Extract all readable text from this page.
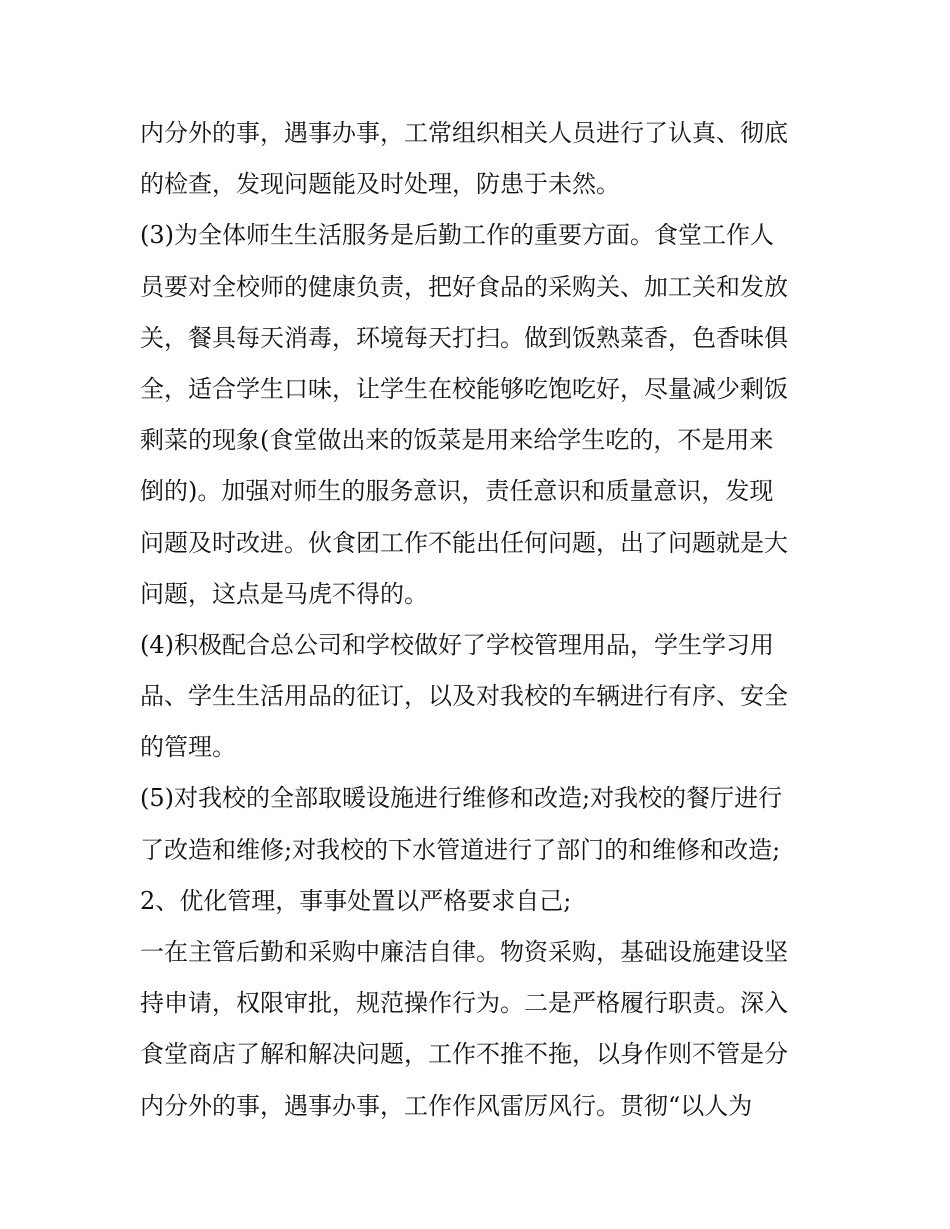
内分外的事，遇事办事，工常组织相关人员进行了认真、彻底
的检查，发现问题能及时处理，防患于未然。
(3)为全体师生生活服务是后勤工作的重要方面。食堂工作人
员要对全校师的健康负责，把好食品的采购关、加工关和发放
关，餐具每天消毒，环境每天打扫。做到饭熟菜香，色香味俱
全，适合学生口味，让学生在校能够吃饱吃好，尽量减少剩饭
剩菜的现象(食堂做出来的饭菜是用来给学生吃的，不是用来
倒的)。加强对师生的服务意识，责任意识和质量意识，发现
问题及时改进。伙食团工作不能出任何问题，出了问题就是大
问题，这点是马虎不得的。
(4)积极配合总公司和学校做好了学校管理用品，学生学习用
品、学生生活用品的征订，以及对我校的车辆进行有序、安全
的管理。
(5)对我校的全部取暖设施进行维修和改造;对我校的餐厅进行
了改造和维修;对我校的下水管道进行了部门的和维修和改造;
2、优化管理，事事处置以严格要求自己;
一在主管后勤和采购中廉洁自律。物资采购，基础设施建设坚
持申请，权限审批，规范操作行为。二是严格履行职责。深入
食堂商店了解和解决问题，工作不推不拖，以身作则不管是分
内分外的事，遇事办事，工作作风雷厉风行。贯彻“以人为
